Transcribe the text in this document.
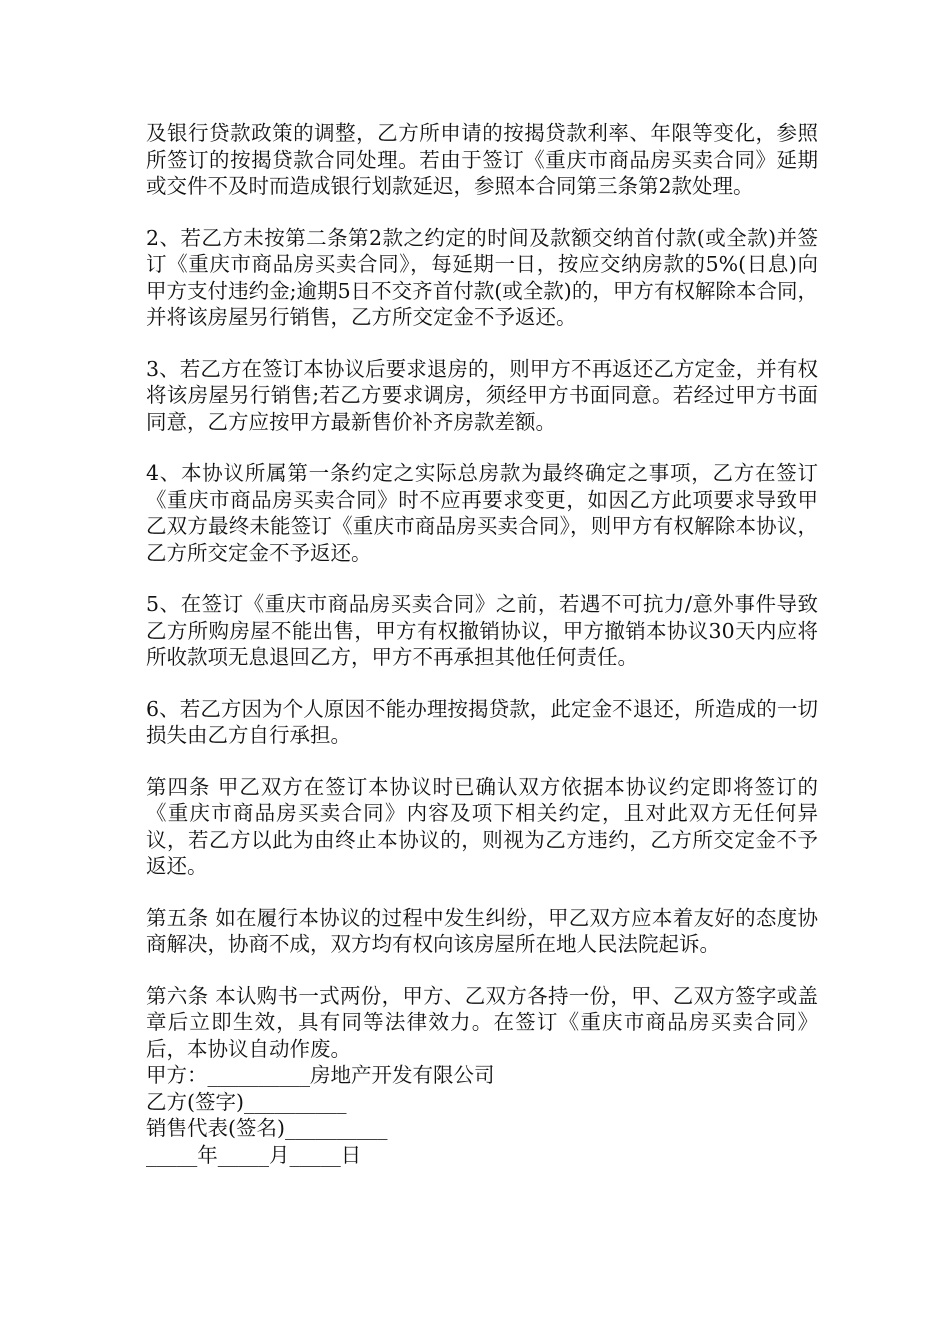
及银行贷款政策的调整，乙方所申请的按揭贷款利率、年限等变化，参照所签订的按揭贷款合同处理。若由于签订《重庆市商品房买卖合同》延期或交件不及时而造成银行划款延迟，参照本合同第三条第2款处理。

2、若乙方未按第二条第2款之约定的时间及款额交纳首付款(或全款)并签订《重庆市商品房买卖合同》，每延期一日，按应交纳房款的5%(日息)向甲方支付违约金;逾期5日不交齐首付款(或全款)的，甲方有权解除本合同，并将该房屋另行销售，乙方所交定金不予返还。

3、若乙方在签订本协议后要求退房的，则甲方不再返还乙方定金，并有权将该房屋另行销售;若乙方要求调房，须经甲方书面同意。若经过甲方书面同意，乙方应按甲方最新售价补齐房款差额。

4、本协议所属第一条约定之实际总房款为最终确定之事项，乙方在签订《重庆市商品房买卖合同》时不应再要求变更，如因乙方此项要求导致甲乙双方最终未能签订《重庆市商品房买卖合同》，则甲方有权解除本协议，乙方所交定金不予返还。

5、在签订《重庆市商品房买卖合同》之前，若遇不可抗力/意外事件导致乙方所购房屋不能出售，甲方有权撤销协议，甲方撤销本协议30天内应将所收款项无息退回乙方，甲方不再承担其他任何责任。

6、若乙方因为个人原因不能办理按揭贷款，此定金不退还，所造成的一切损失由乙方自行承担。

第四条 甲乙双方在签订本协议时已确认双方依据本协议约定即将签订的《重庆市商品房买卖合同》内容及项下相关约定，且对此双方无任何异议，若乙方以此为由终止本协议的，则视为乙方违约，乙方所交定金不予返还。

第五条 如在履行本协议的过程中发生纠纷，甲乙双方应本着友好的态度协商解决，协商不成，双方均有权向该房屋所在地人民法院起诉。

第六条 本认购书一式两份，甲方、乙双方各持一份，甲、乙双方签字或盖章后立即生效，具有同等法律效力。在签订《重庆市商品房买卖合同》后，本协议自动作废。

甲方：__________房地产开发有限公司

乙方(签字)__________

销售代表(签名)__________

_____年_____月_____日
